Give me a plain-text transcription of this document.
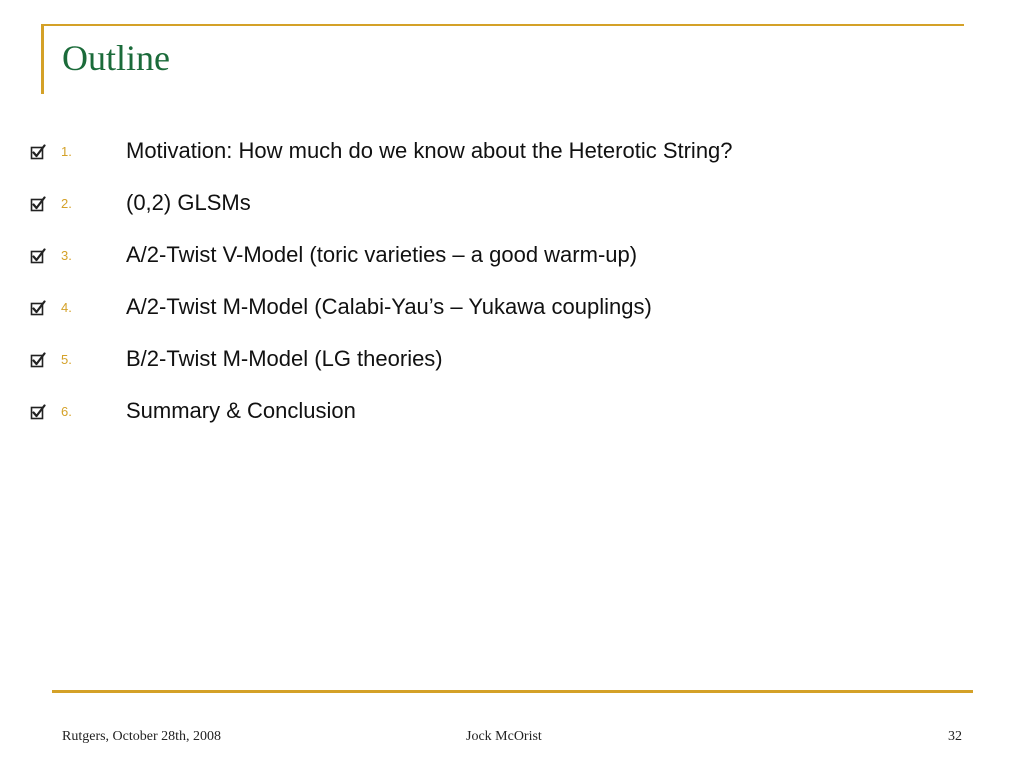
Outline
1. Motivation: How much do we know about the Heterotic String?
2. (0,2) GLSMs
3. A/2-Twist V-Model (toric varieties – a good warm-up)
4. A/2-Twist M-Model (Calabi-Yau’s – Yukawa couplings)
5. B/2-Twist M-Model (LG theories)
6. Summary & Conclusion
Rutgers, October 28th, 2008	Jock McOrist	32
